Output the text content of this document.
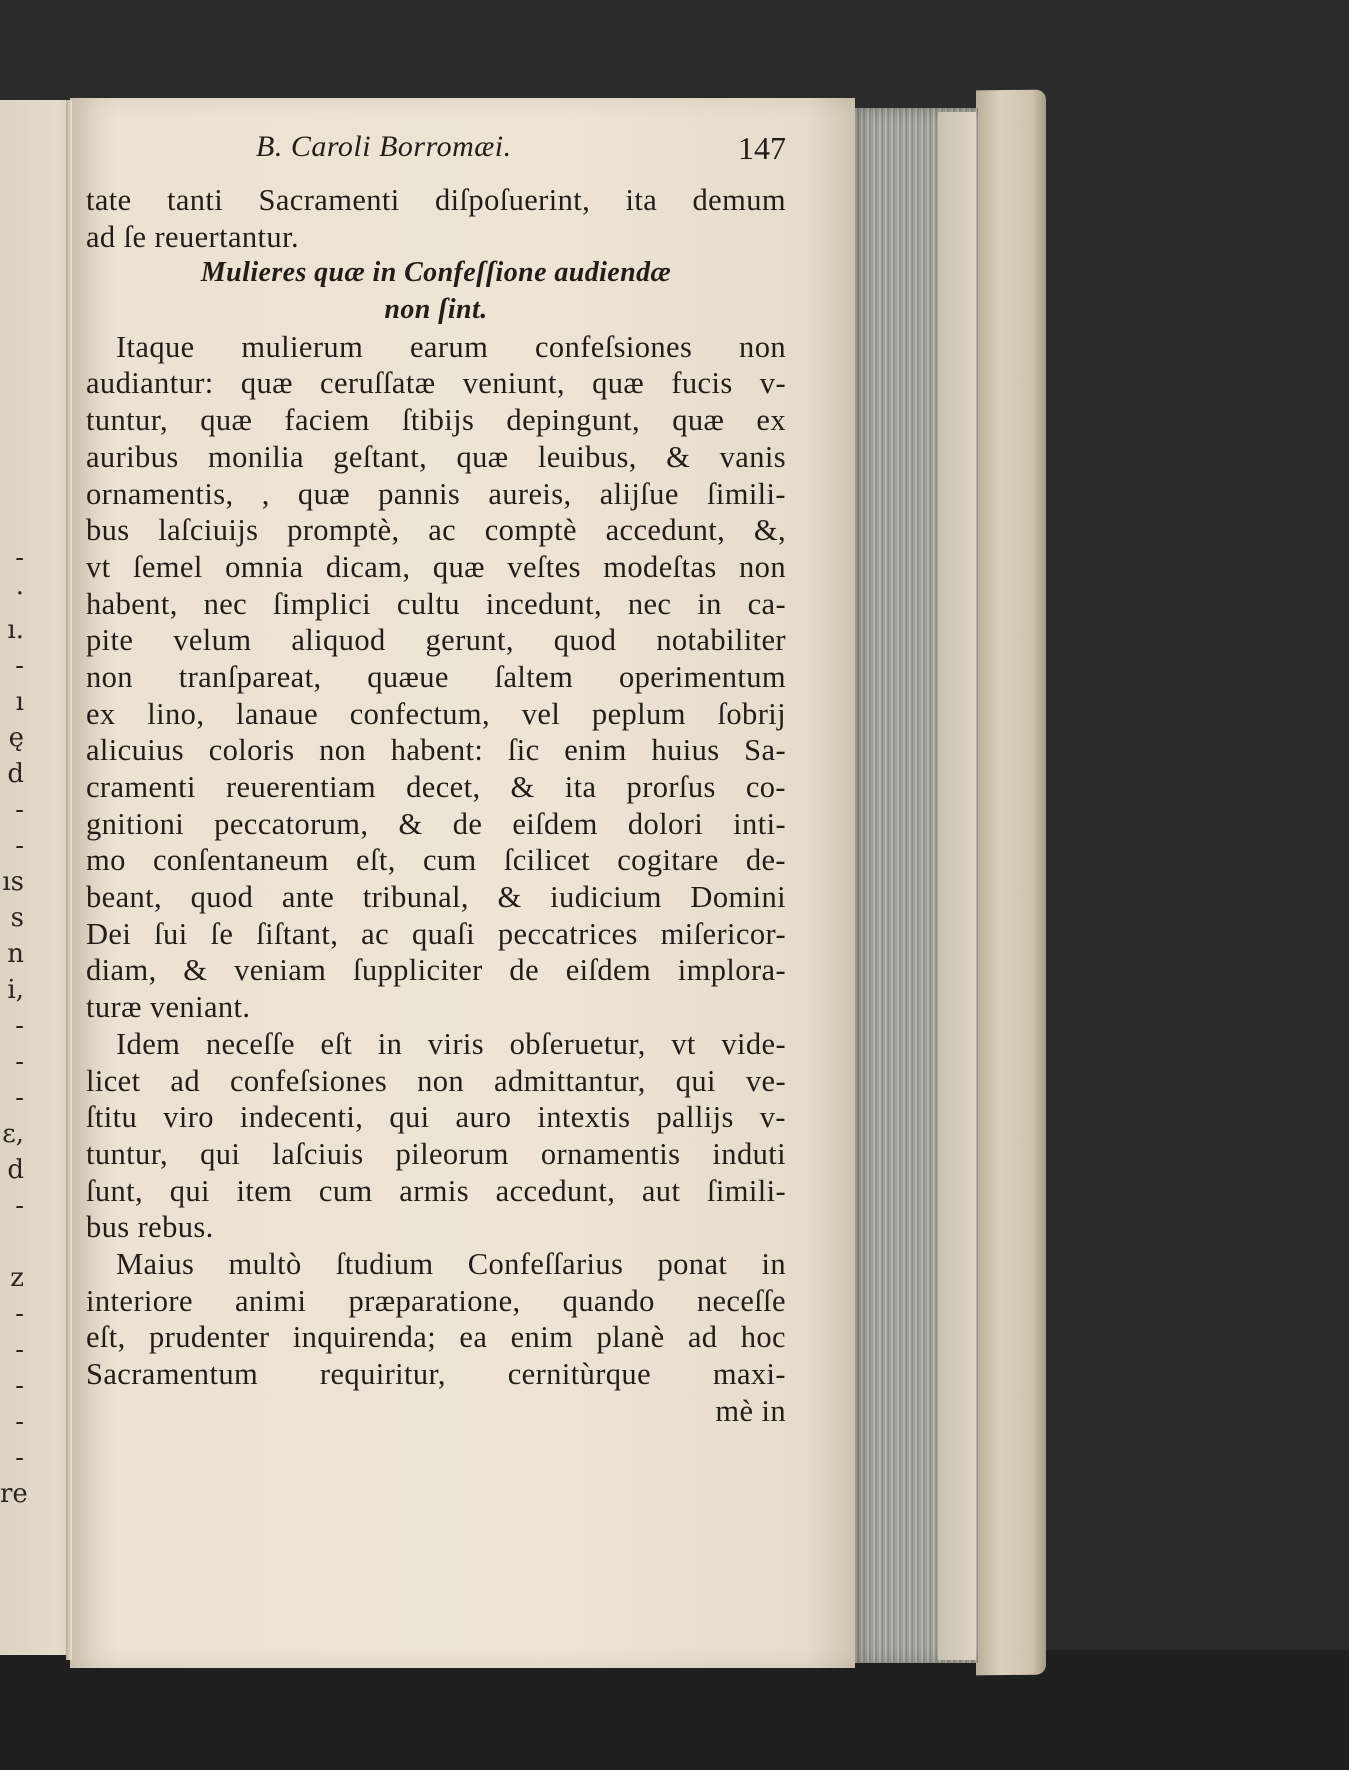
-
·
ı.
-
ı
ę
d
-
-
ıs
s
n
i,
-
-
-
ε,
d
-
z
-
-
-
-
-
re
B. Caroli Borromæi.	147
tate tanti Sacramenti diſpoſuerint, ita demum
ad ſe reuertantur.
Mulieres quæ in Confeſſione audiendæ
non ſint.
Itaque mulierum earum confeſsiones non
audiantur: quæ ceruſſatæ veniunt, quæ fucis v-
tuntur, quæ faciem ſtibijs depingunt, quæ ex
auribus monilia geſtant, quæ leuibus, & vanis
ornamentis, , quæ pannis aureis, alijſue ſimili-
bus laſciuijs promptè, ac comptè accedunt, &,
vt ſemel omnia dicam, quæ veſtes modeſtas non
habent, nec ſimplici cultu incedunt, nec in ca-
pite velum aliquod gerunt, quod notabiliter
non tranſpareat, quæue ſaltem operimentum
ex lino, lanaue confectum, vel peplum ſobrij
alicuius coloris non habent: ſic enim huius Sa-
cramenti reuerentiam decet, & ita prorſus co-
gnitioni peccatorum, & de eiſdem dolori inti-
mo conſentaneum eſt, cum ſcilicet cogitare de-
beant, quod ante tribunal, & iudicium Domini
Dei ſui ſe ſiſtant, ac quaſi peccatrices miſericor-
diam, & veniam ſuppliciter de eiſdem implora-
turæ veniant.
Idem neceſſe eſt in viris obſeruetur, vt vide-
licet ad confeſsiones non admittantur, qui ve-
ſtitu viro indecenti, qui auro intextis pallijs v-
tuntur, qui laſciuis pileorum ornamentis induti
ſunt, qui item cum armis accedunt, aut ſimili-
bus rebus.
Maius multò ſtudium Confeſſarius ponat in
interiore animi præparatione, quando neceſſe
eſt, prudenter inquirenda; ea enim planè ad hoc
Sacramentum requiritur, cernitùrque maxi-
mè in
